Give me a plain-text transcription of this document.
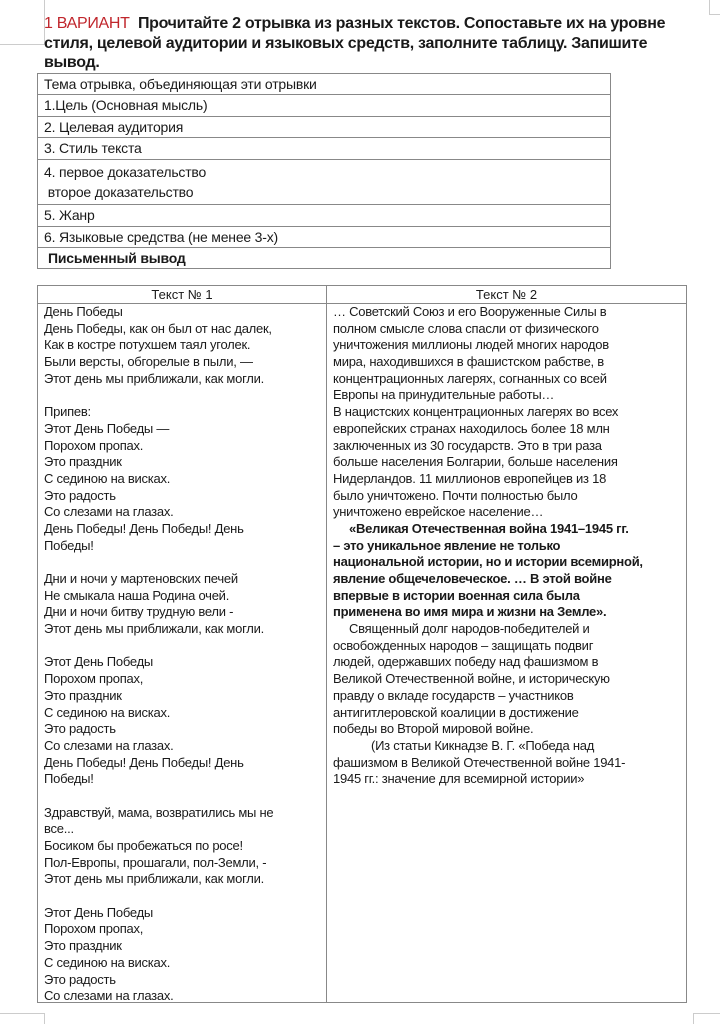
1 ВАРИАНТ Прочитайте 2 отрывка из разных текстов. Сопоставьте их на уровне стиля, целевой аудитории и языковых средств, заполните таблицу. Запишите вывод.
Тема отрывка, объединяющая эти отрывки
1.Цель (Основная мысль)
2. Целевая аудитория
3. Стиль текста
4. первое доказательство
второе доказательство
5. Жанр
6. Языковые средства (не менее 3-х)
Письменный вывод
Текст № 1	Текст № 2
День Победы
День Победы, как он был от нас далек,
Как в костре потухшем таял уголек.
Были версты, обгорелые в пыли, —
Этот день мы приближали, как могли.
Припев:
Этот День Победы —
Порохом пропах.
Это праздник
С сединою на висках.
Это радость
Со слезами на глазах.
День Победы! День Победы! День
Победы!
Дни и ночи у мартеновских печей
Не смыкала наша Родина очей.
Дни и ночи битву трудную вели -
Этот день мы приближали, как могли.
Этот День Победы
Порохом пропах,
Это праздник
С сединою на висках.
Это радость
Со слезами на глазах.
День Победы! День Победы! День
Победы!
Здравствуй, мама, возвратились мы не
все...
Босиком бы пробежаться по росе!
Пол-Европы, прошагали, пол-Земли, -
Этот день мы приближали, как могли.
Этот День Победы
Порохом пропах,
Это праздник
С сединою на висках.
Это радость
Со слезами на глазах.
… Советский Союз и его Вооруженные Силы в
полном смысле слова спасли от физического
уничтожения миллионы людей многих народов
мира, находившихся в фашистском рабстве, в
концентрационных лагерях, согнанных со всей
Европы на принудительные работы…
В нацистских концентрационных лагерях во всех
европейских странах находилось более 18 млн
заключенных из 30 государств. Это в три раза
больше населения Болгарии, больше населения
Нидерландов. 11 миллионов европейцев из 18
было уничтожено. Почти полностью было
уничтожено еврейское население…
«Великая Отечественная война 1941–1945 гг.
– это уникальное явление не только
национальной истории, но и истории всемирной,
явление общечеловеческое. … В этой войне
впервые в истории военная сила была
применена во имя мира и жизни на Земле».
Священный долг народов-победителей и
освобожденных народов – защищать подвиг
людей, одержавших победу над фашизмом в
Великой Отечественной войне, и историческую
правду о вкладе государств – участников
антигитлеровской коалиции в достижение
победы во Второй мировой войне.
(Из статьи Кикнадзе В. Г. «Победа над
фашизмом в Великой Отечественной войне 1941-
1945 гг.: значение для всемирной истории»
